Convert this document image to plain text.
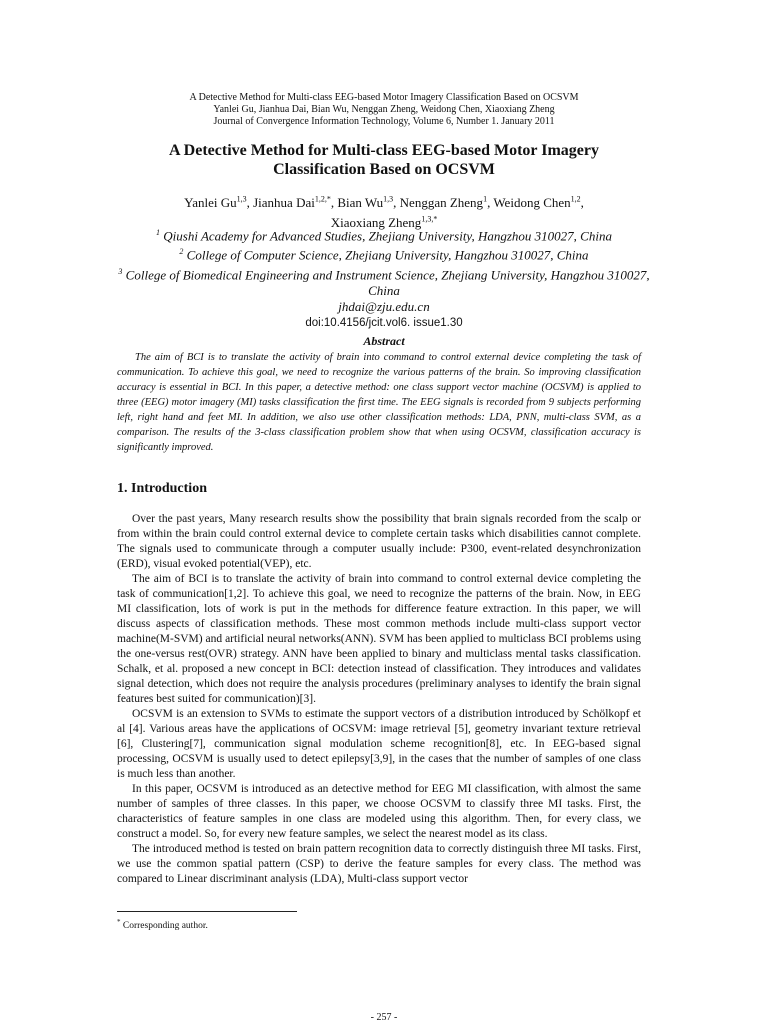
A Detective Method for Multi-class EEG-based Motor Imagery Classification Based on OCSVM
Yanlei Gu, Jianhua Dai, Bian Wu, Nenggan Zheng, Weidong Chen, Xiaoxiang Zheng
Journal of Convergence Information Technology, Volume 6, Number 1. January 2011
A Detective Method for Multi-class EEG-based Motor Imagery
Classification Based on OCSVM
Yanlei Gu$^{1,3}$, Jianhua Dai$^{1,2,*}$, Bian Wu$^{1,3}$, Nenggan Zheng$^1$, Weidong Chen$^{1,2}$,
Xiaoxiang Zheng$^{1,3,*}$
$^1$ Qiushi Academy for Advanced Studies, Zhejiang University, Hangzhou 310027, China
$^2$ College of Computer Science, Zhejiang University, Hangzhou 310027, China
$^3$ College of Biomedical Engineering and Instrument Science, Zhejiang University, Hangzhou 310027, China
jhdai@zju.edu.cn
doi:10.4156/jcit.vol6. issue1.30
Abstract

The aim of BCI is to translate the activity of brain into command to control external device completing the task of communication. To achieve this goal, we need to recognize the various patterns of the brain. So improving classification accuracy is essential in BCI. In this paper, a detective method: one class support vector machine (OCSVM) is applied to three (EEG) motor imagery (MI) tasks classification the first time. The EEG signals is recorded from 9 subjects performing left, right hand and feet MI. In addition, we also use other classification methods: LDA, PNN, multi-class SVM, as a comparison. The results of the 3-class classification problem show that when using OCSVM, classification accuracy is significantly improved.

1. Introduction

Over the past years, Many research results show the possibility that brain signals recorded from the scalp or from within the brain could control external device to complete certain tasks which disabilities cannot complete. The signals used to communicate through a computer usually include: P300, event-related desynchronization (ERD), visual evoked potential(VEP), etc.

The aim of BCI is to translate the activity of brain into command to control external device completing the task of communication[1,2]. To achieve this goal, we need to recognize the patterns of the brain. Now, in EEG MI classification, lots of work is put in the methods for difference feature extraction. In this paper, we will discuss aspects of classification methods. These most common methods include multi-class support vector machine(M-SVM) and artificial neural networks(ANN). SVM has been applied to multiclass BCI problems using the one-versus rest(OVR) strategy. ANN have been applied to binary and multiclass mental tasks classification. Schalk, et al. proposed a new concept in BCI: detection instead of classification. They introduces and validates signal detection, which does not require the analysis procedures (preliminary analyses to identify the brain signal features best suited for communication)[3].

OCSVM is an extension to SVMs to estimate the support vectors of a distribution introduced by Schölkopf et al [4]. Various areas have the applications of OCSVM: image retrieval [5], geometry invariant texture retrieval [6], Clustering[7], communication signal modulation scheme recognition[8], etc. In EEG-based signal processing, OCSVM is usually used to detect epilepsy[3,9], in the cases that the number of samples of one class is much less than another.

In this paper, OCSVM is introduced as an detective method for EEG MI classification, with almost the same number of samples of three classes. In this paper, we choose OCSVM to classify three MI tasks. First, the characteristics of feature samples in one class are modeled using this algorithm. Then, for every class, we construct a model. So, for every new feature samples, we select the nearest model as its class.

The introduced method is tested on brain pattern recognition data to correctly distinguish three MI tasks. First, we use the common spatial pattern (CSP) to derive the feature samples for every class. The method was compared to Linear discriminant analysis (LDA), Multi-class support vector

* Corresponding author.
- 257 -
